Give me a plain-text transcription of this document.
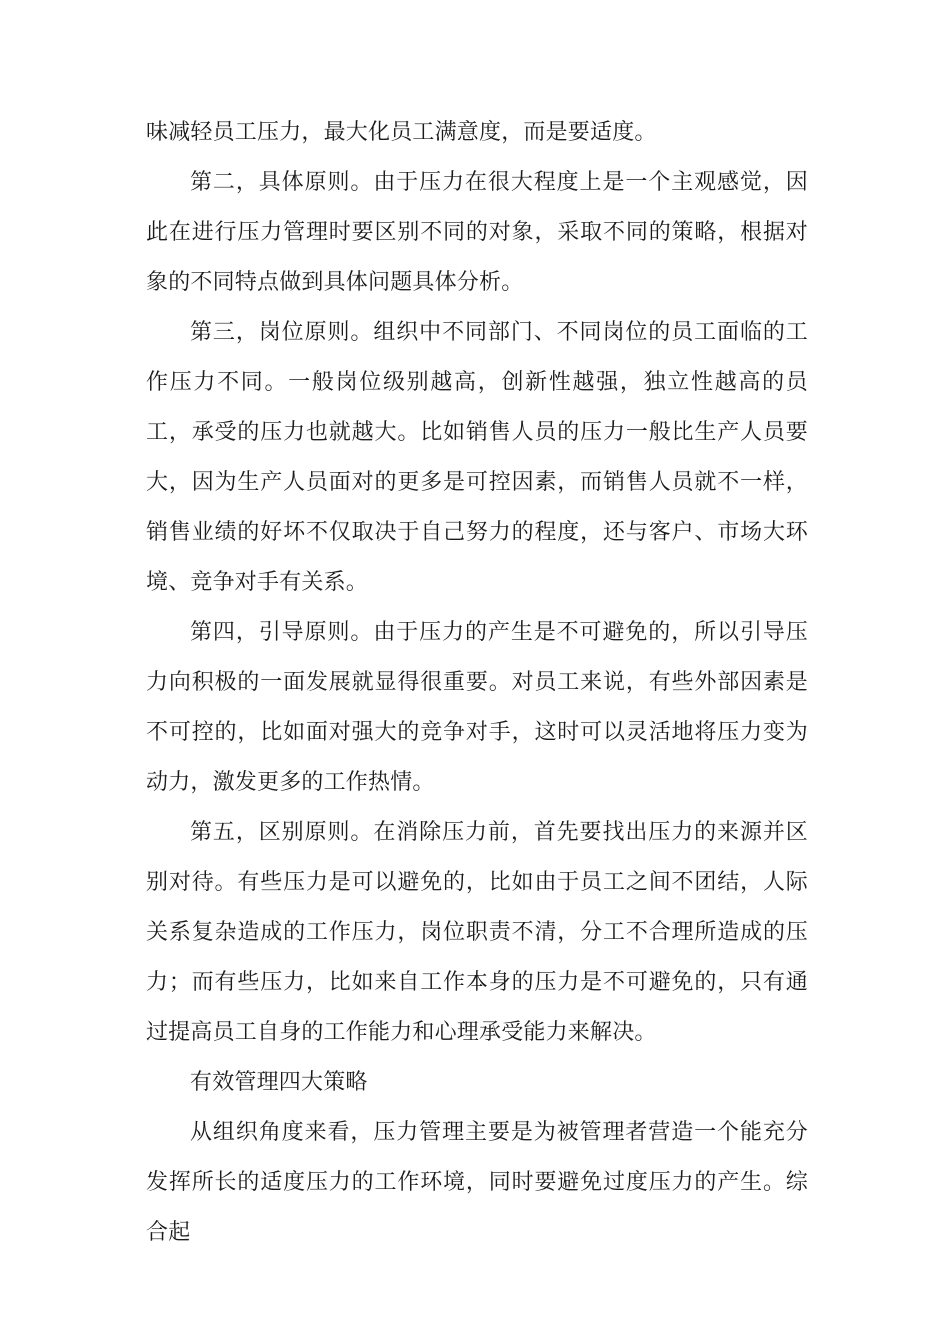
味减轻员工压力，最大化员工满意度，而是要适度。

第二，具体原则。由于压力在很大程度上是一个主观感觉，因此在进行压力管理时要区别不同的对象，采取不同的策略，根据对象的不同特点做到具体问题具体分析。

第三，岗位原则。组织中不同部门、不同岗位的员工面临的工作压力不同。一般岗位级别越高，创新性越强，独立性越高的员工，承受的压力也就越大。比如销售人员的压力一般比生产人员要大，因为生产人员面对的更多是可控因素，而销售人员就不一样，销售业绩的好坏不仅取决于自己努力的程度，还与客户、市场大环境、竞争对手有关系。

第四，引导原则。由于压力的产生是不可避免的，所以引导压力向积极的一面发展就显得很重要。对员工来说，有些外部因素是不可控的，比如面对强大的竞争对手，这时可以灵活地将压力变为动力，激发更多的工作热情。

第五，区别原则。在消除压力前，首先要找出压力的来源并区别对待。有些压力是可以避免的，比如由于员工之间不团结，人际关系复杂造成的工作压力，岗位职责不清，分工不合理所造成的压力；而有些压力，比如来自工作本身的压力是不可避免的，只有通过提高员工自身的工作能力和心理承受能力来解决。

有效管理四大策略

从组织角度来看，压力管理主要是为被管理者营造一个能充分发挥所长的适度压力的工作环境，同时要避免过度压力的产生。综合起
